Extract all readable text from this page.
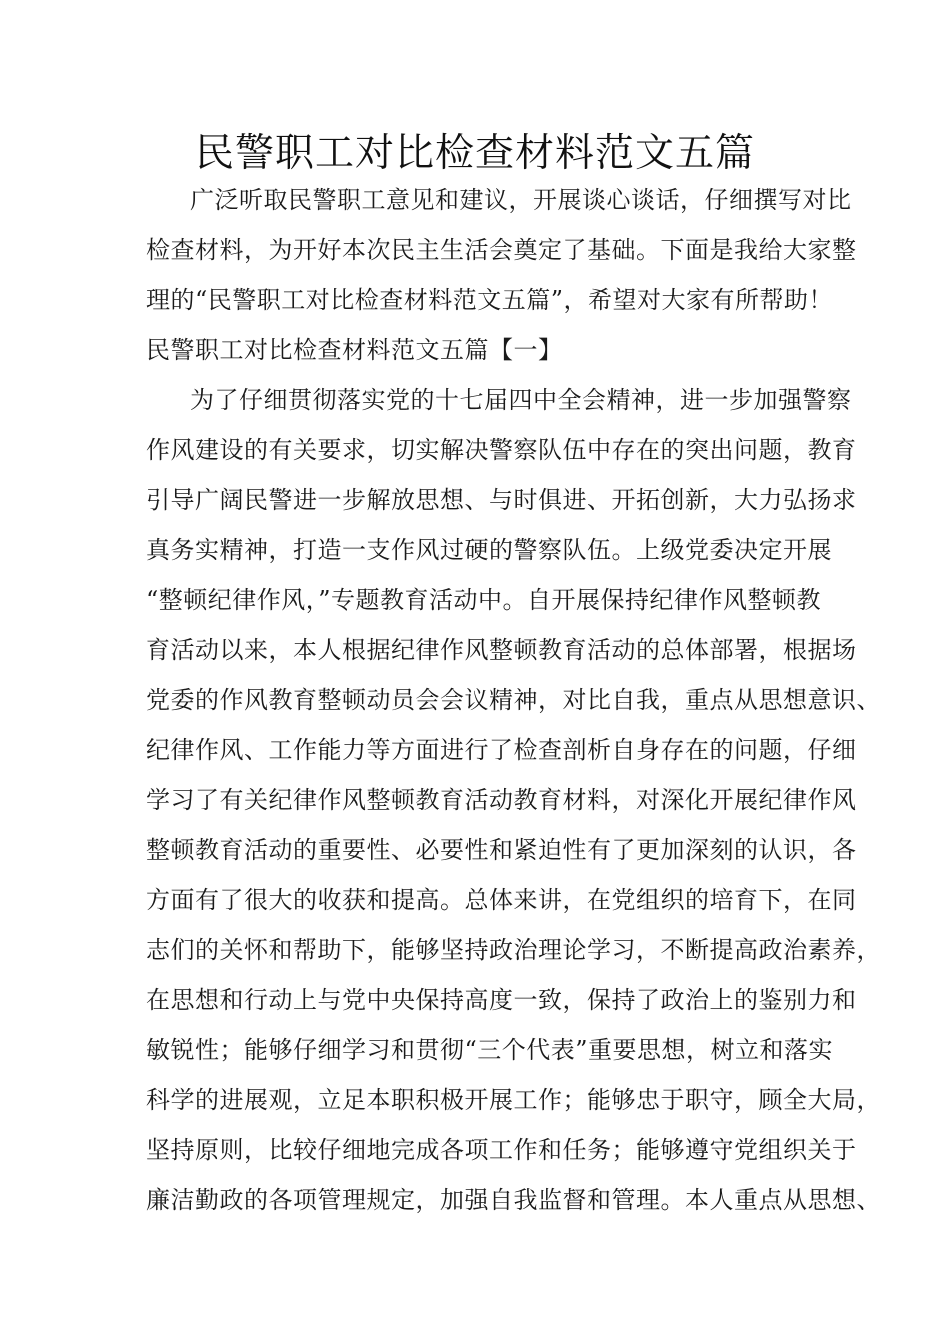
民警职工对比检查材料范文五篇
广泛听取民警职工意见和建议，开展谈心谈话，仔细撰写对比
检查材料，为开好本次民主生活会奠定了基础。下面是我给大家整
理的“民警职工对比检查材料范文五篇”，希望对大家有所帮助！
民警职工对比检查材料范文五篇【一】
为了仔细贯彻落实党的十七届四中全会精神，进一步加强警察
作风建设的有关要求，切实解决警察队伍中存在的突出问题，教育
引导广阔民警进一步解放思想、与时俱进、开拓创新，大力弘扬求
真务实精神，打造一支作风过硬的警察队伍。上级党委决定开展
“整顿纪律作风，”专题教育活动中。自开展保持纪律作风整顿教
育活动以来，本人根据纪律作风整顿教育活动的总体部署，根据场
党委的作风教育整顿动员会会议精神，对比自我，重点从思想意识、
纪律作风、工作能力等方面进行了检查剖析自身存在的问题，仔细
学习了有关纪律作风整顿教育活动教育材料，对深化开展纪律作风
整顿教育活动的重要性、必要性和紧迫性有了更加深刻的认识，各
方面有了很大的收获和提高。总体来讲，在党组织的培育下，在同
志们的关怀和帮助下，能够坚持政治理论学习，不断提高政治素养，
在思想和行动上与党中央保持高度一致，保持了政治上的鉴别力和
敏锐性；能够仔细学习和贯彻“三个代表”重要思想，树立和落实
科学的进展观，立足本职积极开展工作；能够忠于职守，顾全大局，
坚持原则，比较仔细地完成各项工作和任务；能够遵守党组织关于
廉洁勤政的各项管理规定，加强自我监督和管理。本人重点从思想、
